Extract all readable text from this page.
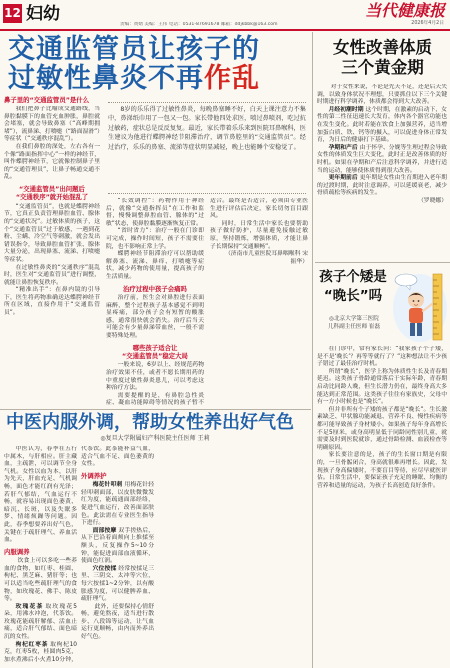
12 妇幼
责编：黄婧 美编：王伟 电话：0531-87691678 邮箱：ddjkbbk@163.com
当代健康报
2026年4月2日
交通监管员让孩子的
过敏性鼻炎不再作乱
鼻子里的“交通监管员”是什么

我们把鼻子比喻成交通路线，当鼻腔黏膜下的血管充血肿胀，鼻腔就会堵塞，就会导致鼻塞（“高峰期拥堵”），流鼻涕、打喷嚏（“路面湿滑”）等症状（“交通秩序混乱”）。

在我们鼻腔的深处，左右各有一个像“路面指挥中心”一样的神经节，叫作蝶腭神经节，它就像控制鼻子里的“交通管理员”，让鼻子畅通交通不乱。

“交通监管员”出问题后
“交通秩序”就开始混乱了

“交通监管员”，也就是蝶腭神经节，它真正负责管理鼻腔血管、腺体的“交通状况”。过敏体质的孩子，这个“交通监管员”过于敏感，一遇到花粉、尘螨、冷空气等刺激，就会发出错误指令，导致鼻腔血管扩张、腺体大量分泌，出现鼻塞、流涕、打喷嚏等症状。

在过敏性鼻炎的“交通秩序”混乱时，医生对“交通监管员”进行调整，就能让鼻腔恢复秩序。

“精准出手”：在鼻内镜的引导下，医生将药物准确送达蝶腭神经节所在区域，直接作用于“交通监管员”。

8岁的乐乐得了过敏性鼻炎，每晚鼻塞睡不好，白天上课注意力不集中，鼻涕纸巾用了一包又一包。家长带他四处求医，喷过鼻喷剂，吃过抗过敏药，症状总是反反复复。最近，家长带着乐乐来到医院耳鼻喉科，医生建议为他进行蝶腭神经节阻滞治疗，调节鼻腔里的“交通监管员”。经过治疗，乐乐的鼻塞、流涕等症状明显减轻，晚上也能睡个安稳觉了。

“长效调控”：药物作用于神经后，就像“交通指挥员”在工作和监督，慢慢调整鼻腔血管、腺体的“过敏”状态，使鼻腔黏膜逐渐恢复正常。

“省时省力”：治疗一般在门诊即可完成，操作时间短，孩子不需要住院，也不影响正常上学。

蝶腭神经节阻滞治疗可以帮助缓解鼻塞、流涕、鼻痒、打喷嚏等症状，减少药物的使用量，提高孩子的生活质量。

治疗过程中孩子会痛吗

治疗前，医生会对鼻腔进行表面麻醉，整个过程孩子基本感觉不到明显疼痛，部分孩子会有短暂的酸胀感，通常很快就会消失。治疗后当天可能会有少量鼻涕带血丝，一般不需要特殊处理。

哪些孩子适合让
“交通监管员”稳定大局

一般来说，6岁以上、经规范药物治疗效果不佳，或者不愿长期用药的中重度过敏性鼻炎患儿，可以考虑这种治疗方法。

需要提醒的是，有鼻腔急性炎症、凝血功能障碍等情况的孩子暂不适合。最终是否适合，必须由专业医生进行评估后决定，家长切勿盲目跟风。

同时，日常生活中家长也要帮助孩子做好防护，尽量避免接触过敏原，坚持锻炼，增强体质，才能让鼻子长期保持“交通顺畅”。

（济南市儿童医院耳鼻咽喉科 宋振华）

中医内服外调，帮助女性养出好气色
◎复旦大学附属妇产科医院主任医师 王莉

中医认为，春季在五行中属木，与肝相应。肝主藏血，主疏泄，可以调节全身气机。女性以血为本，以肝为先天，肝血充足、气机调畅，面色才能红润有光泽；若肝气郁结，气血运行不畅，就容易出现面色萎黄、暗沉、长斑，以及失眠多梦、情绪烦躁等问题。因此，春季想要养出好气色，关键在于疏肝理气、养血活血。

内服调养

饮食上可以多吃一些养血的食物，如红枣、桂圆、枸杞、黑芝麻、猪肝等；也可以适当吃些疏肝理气的食物，如玫瑰花、佛手、陈皮等。

玫瑰花茶 取玫瑰花5朵，用沸水冲泡，代茶饮。玫瑰花能疏肝解郁、活血止痛，适合肝气郁结、面色暗沉的女性。

枸杞红枣茶 取枸杞10克，红枣5枚，桂圆肉5克，加水煮沸后小火煮10分钟，代茶饮。此茶能补益气血，适合气血不足、面色萎黄的女性。

外调养护

梅花针叩刺 用梅花针轻轻叩刺面部，以皮肤微微发红为度，能疏通面部经络，促进气血运行，改善面部肤色。此法需在专业医生指导下进行。

面部按摩 双手搓热后，从下巴沿着面颊向上推揉至额头，反复操作5~10分钟，能促进面部血液循环，使面色红润。

穴位按揉 经常按揉足三里、三阴交、太冲等穴位，每穴按揉1~2分钟，以有酸胀感为度，可以健脾养血、疏肝理气。

此外，还要保持心情舒畅，避免熬夜，适当进行散步、八段锦等运动，让气血运行更顺畅，由内而外养出好气色。

女性改善体质
三个黄金期

对于女性来说，不论是先天不足，还是后天失调，以致身体状况不理想，只要抓住以下三个关键时期进行科学调养，体质都会得到大大改善。

月经初潮时期 这个时期，在激素的启动下，女性的第二性征迅速长大发育，体内各个器官功能也在发生变化。此时若能在饮食上加强营养，适当增加蛋白质、铁、钙等的摄入，可以促进身体正常发育，为日后的健康打下基础。

孕期和产后 由于怀孕、分娩等生理过程会导致女性的体质发生巨大变化，此时正是改善体质的好时机。如果在孕期和产后注意科学调养，并进行适当的运动，能够使体质得到很大改善。

更年期前后 更年期是女性由生育期进入老年期的过渡时期，此时注意调养，可以延缓衰老，减少骨质疏松等疾病的发生。

（罗晓娜）

孩子个矮是
“晚长”吗
◎北京大学第三医院
儿科副主任医师 崔磊

在门诊中，常有家长问：“我家孩子个子矮，是不是‘晚长’？再等等就行了？”这种想法让不少孩子错过了最佳治疗时机。

所谓“晚长”，医学上称为体质性生长及青春期延迟。这类孩子骨龄通常落后于实际年龄，青春期启动比同龄人晚，但生长潜力仍在，最终身高大多能达到正常范围。这类孩子往往有家族史，父母中有一方小时候也是“晚长”。

但并非所有个子矮的孩子都是“晚长”。生长激素缺乏、甲状腺功能减退、营养不良、慢性疾病等都可能导致孩子身材矮小。如果孩子每年身高增长不足5厘米，或身高明显低于同龄同性别儿童，就需要及时到医院就诊，通过骨龄检测、血液检查等明确原因。

家长要注意的是，孩子的生长窗口期是有限的，一旦骨骺闭合，身高就很难再增长。因此，发现孩子身高偏矮时，不要盲目等待，应尽早就医评估。日常生活中，要保证孩子充足的睡眠、均衡的营养和适量的运动，为孩子长高创造良好条件。
